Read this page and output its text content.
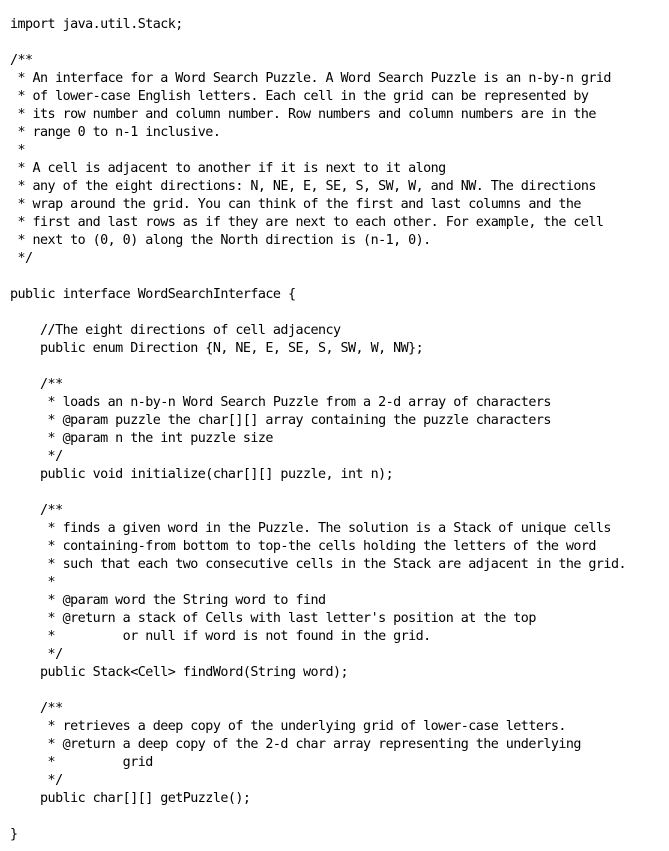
import java.util.Stack;
/**
* An interface for a Word Search Puzzle. A Word Search Puzzle is an n-by-n grid
* of lower-case English letters. Each cell in the grid can be represented by
* its row number and column number. Row numbers and column numbers are in the
* range 0 to n-1 inclusive.
*
* A cell is adjacent to another if it is next to it along
* any of the eight directions: N, NE, E, SE, S, SW, W, and NW. The directions
* wrap around the grid. You can think of the first and last columns and the
* first and last rows as if they are next to each other. For example, the cell
* next to (0, 0) along the North direction is (n-1, 0).
*/
public interface WordSearchInterface {
//The eight directions of cell adjacency
public enum Direction {N, NE, E, SE, S, SW, W, NW};
/**
* loads an n-by-n Word Search Puzzle from a 2-d array of characters
* @param puzzle the char[][] array containing the puzzle characters
* @param n the int puzzle size
*/
public void initialize(char[][] puzzle, int n);
/**
* finds a given word in the Puzzle. The solution is a Stack of unique cells
* containing-from bottom to top-the cells holding the letters of the word
* such that each two consecutive cells in the Stack are adjacent in the grid.
*
* @param word the String word to find
* @return a stack of Cells with last letter's position at the top
*         or null if word is not found in the grid.
*/
public Stack<Cell> findWord(String word);
/**
* retrieves a deep copy of the underlying grid of lower-case letters.
* @return a deep copy of the 2-d char array representing the underlying
*         grid
*/
public char[][] getPuzzle();
}
